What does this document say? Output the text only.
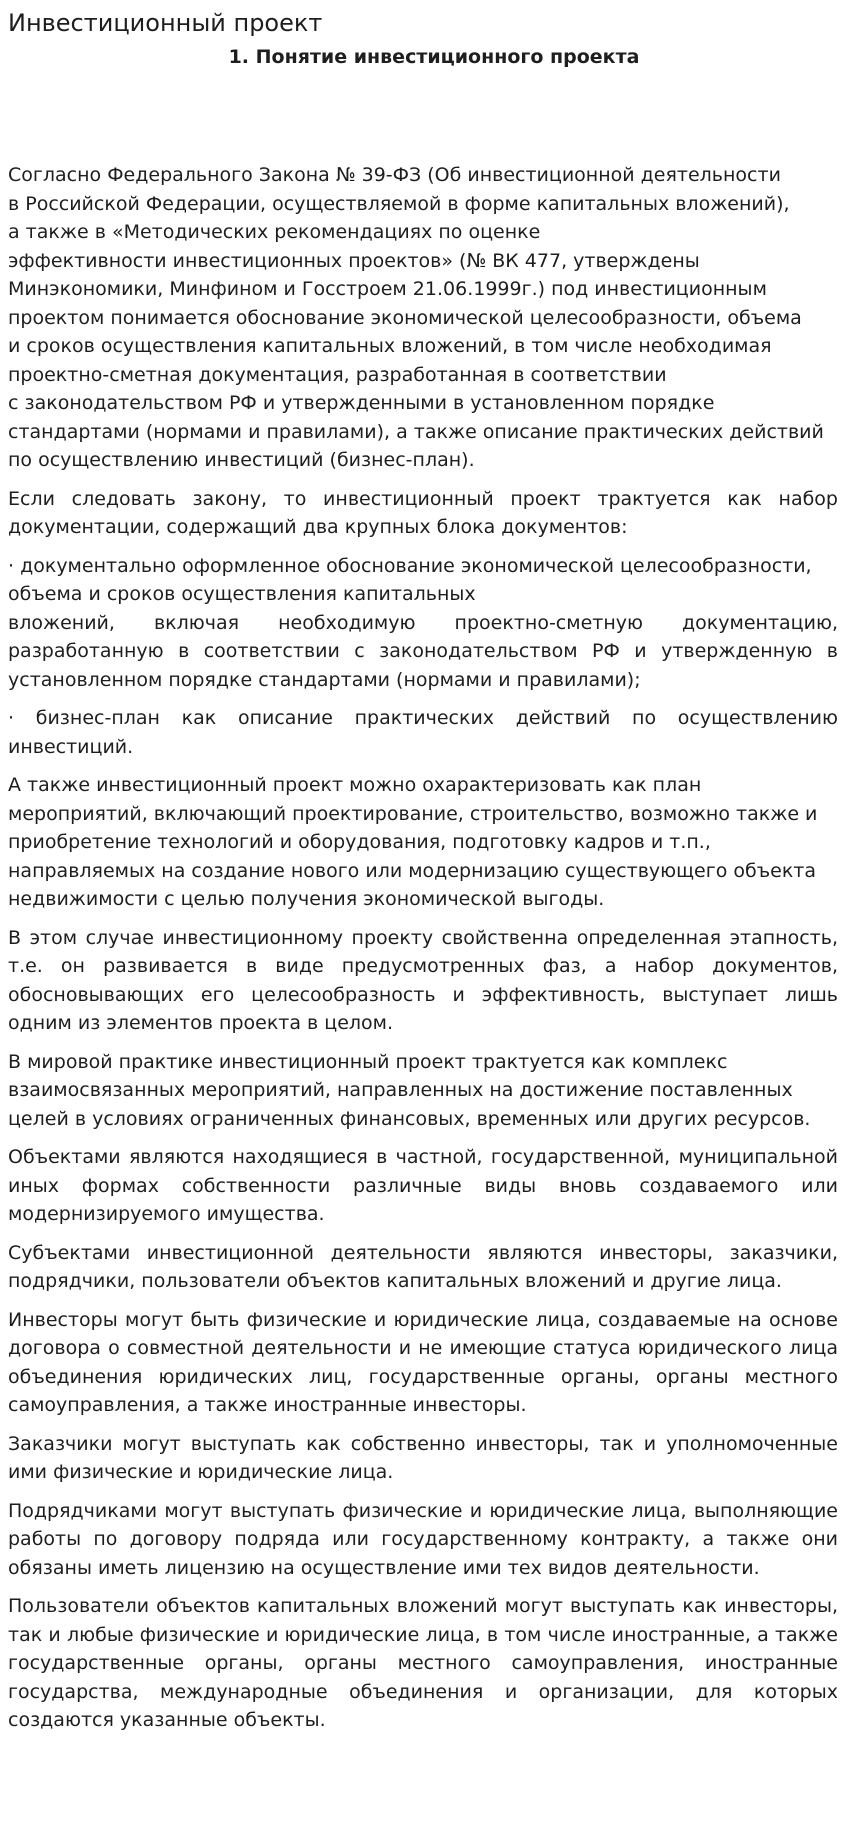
Инвестиционный проект
1. Понятие инвестиционного проекта

Согласно Федерального Закона № 39-ФЗ (Об инвестиционной деятельности
в Российской Федерации, осуществляемой в форме капитальных вложений),
а также в «Методических рекомендациях по оценке
эффективности инвестиционных проектов» (№ ВК 477, утверждены
Минэкономики, Минфином и Госстроем 21.06.1999г.) под инвестиционным
проектом понимается обоснование экономической целесообразности, объема
и сроков осуществления капитальных вложений, в том числе необходимая
проектно-сметная документация, разработанная в соответствии
с законодательством РФ и утвержденными в установленном порядке
стандартами (нормами и правилами), а также описание практических действий
по осуществлению инвестиций (бизнес-план).

Если следовать закону, то инвестиционный проект трактуется как набор документации, содержащий два крупных блока документов:

· документально оформленное обоснование экономической целесообразности,
объема и сроков осуществления капитальных
вложений, включая необходимую проектно-сметную документацию, разработанную в соответствии с законодательством РФ и утвержденную в установленном порядке стандартами (нормами и правилами);

· бизнес-план как описание практических действий по осуществлению инвестиций.

А также инвестиционный проект можно охарактеризовать как план
мероприятий, включающий проектирование, строительство, возможно также и
приобретение технологий и оборудования, подготовку кадров и т.п.,
направляемых на создание нового или модернизацию существующего объекта
недвижимости с целью получения экономической выгоды.

В этом случае инвестиционному проекту свойственна определенная этапность, т.е. он развивается в виде предусмотренных фаз, а набор документов, обосновывающих его целесообразность и эффективность, выступает лишь одним из элементов проекта в целом.

В мировой практике инвестиционный проект трактуется как комплекс
взаимосвязанных мероприятий, направленных на достижение поставленных
целей в условиях ограниченных финансовых, временных или других ресурсов.

Объектами являются находящиеся в частной, государственной, муниципальной иных формах собственности различные виды вновь создаваемого или модернизируемого имущества.

Субъектами инвестиционной деятельности являются инвесторы, заказчики, подрядчики, пользователи объектов капитальных вложений и другие лица.

Инвесторы могут быть физические и юридические лица, создаваемые на основе договора о совместной деятельности и не имеющие статуса юридического лица объединения юридических лиц, государственные органы, органы местного самоуправления, а также иностранные инвесторы.

Заказчики могут выступать как собственно инвесторы, так и уполномоченные ими физические и юридические лица.

Подрядчиками могут выступать физические и юридические лица, выполняющие работы по договору подряда или государственному контракту, а также они обязаны иметь лицензию на осуществление ими тех видов деятельности.

Пользователи объектов капитальных вложений могут выступать как инвесторы, так и любые физические и юридические лица, в том числе иностранные, а также государственные органы, органы местного самоуправления, иностранные государства, международные объединения и организации, для которых создаются указанные объекты.
